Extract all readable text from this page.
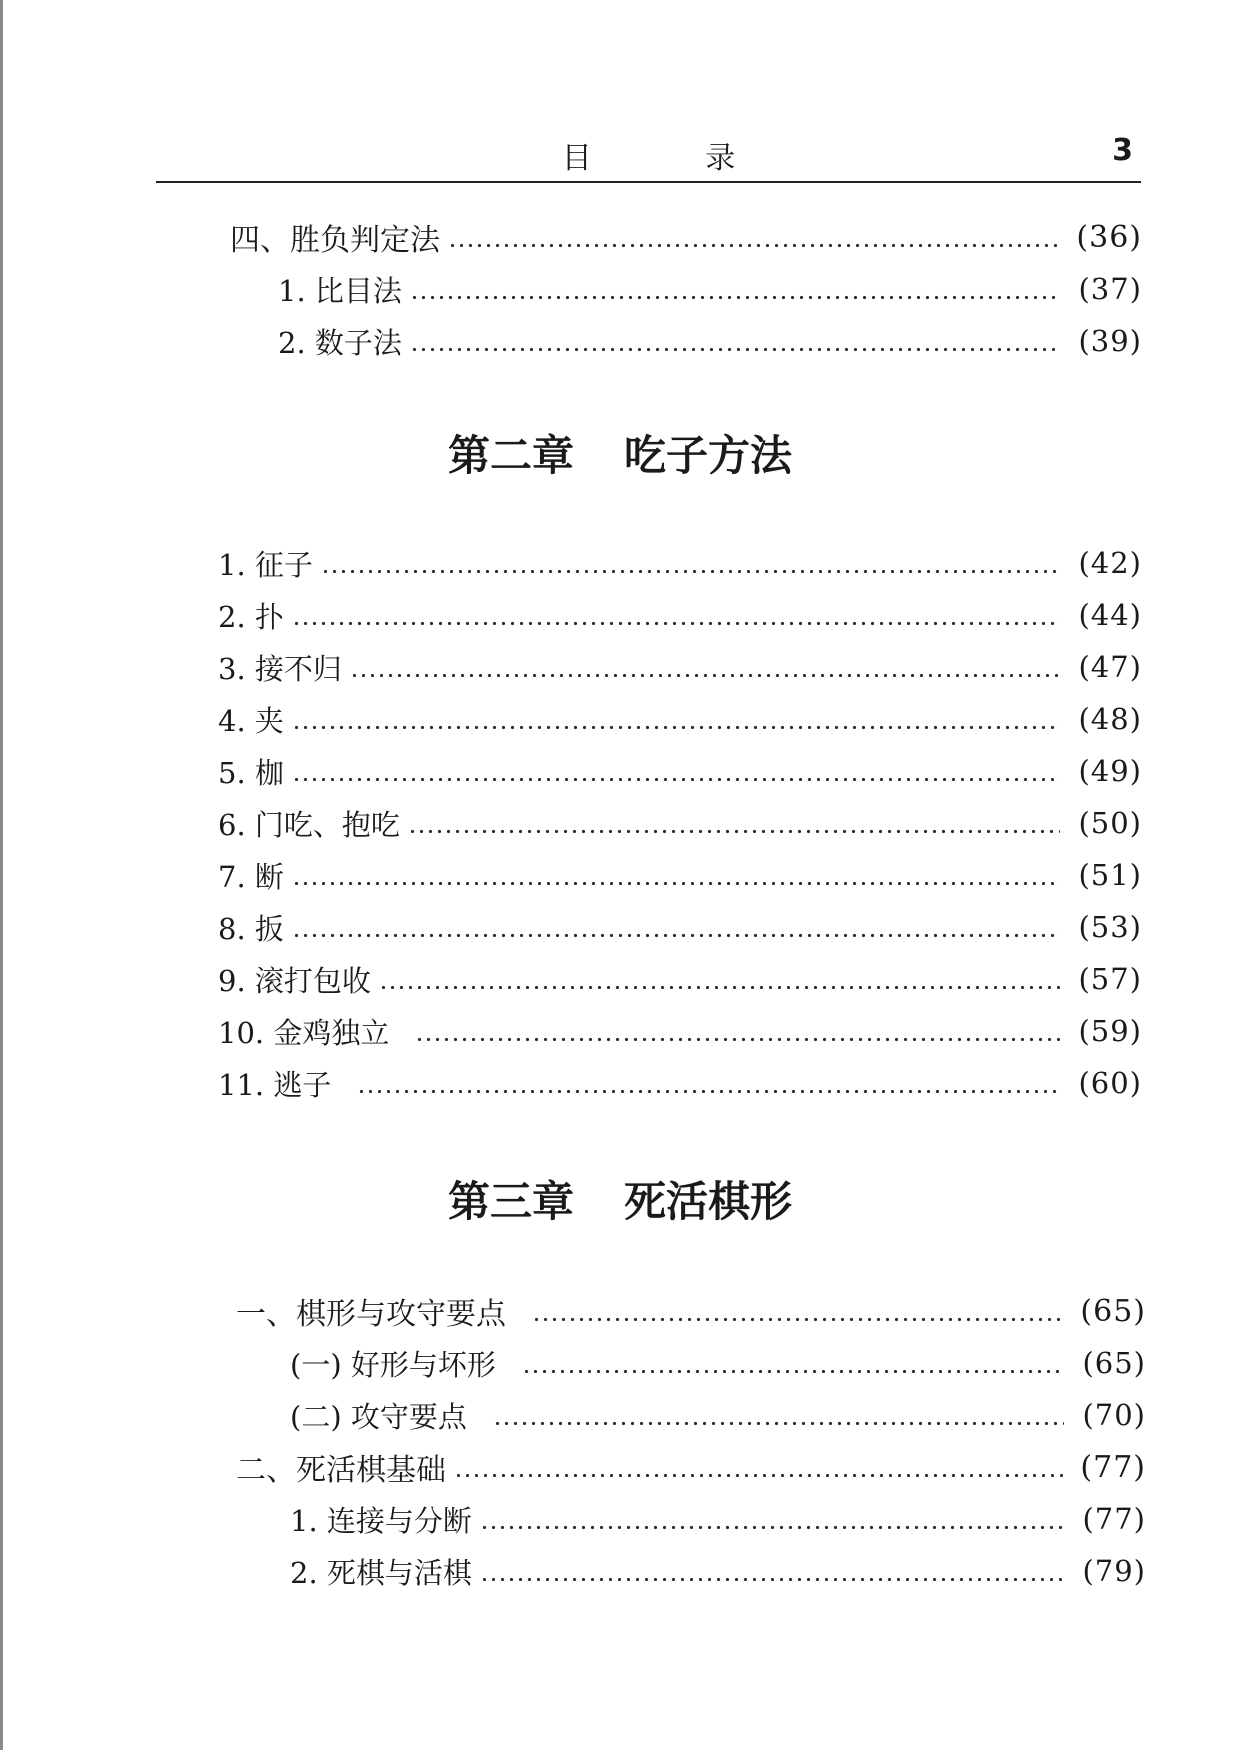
目 录	3
四、胜负判定法	(36)
1. 比目法	(37)
2. 数子法	(39)
第二章 吃子方法
1. 征子	(42)
2. 扑	(44)
3. 接不归	(47)
4. 夹	(48)
5. 枷	(49)
6. 门吃、抱吃	(50)
7. 断	(51)
8. 扳	(53)
9. 滚打包收	(57)
10. 金鸡独立	(59)
11. 逃子	(60)
第三章 死活棋形
一、棋形与攻守要点	(65)
(一) 好形与坏形	(65)
(二) 攻守要点	(70)
二、死活棋基础	(77)
1. 连接与分断	(77)
2. 死棋与活棋	(79)
